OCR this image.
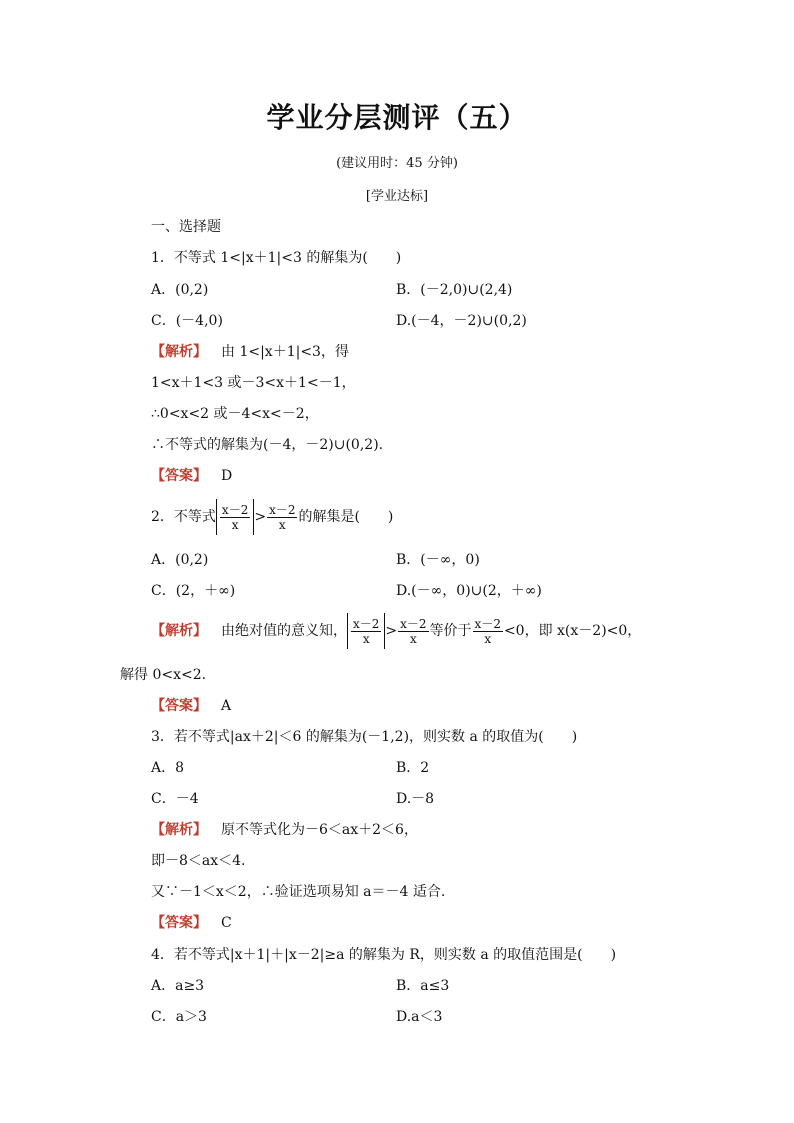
学业分层测评（五）
(建议用时：45 分钟)
[学业达标]
一、选择题
1．不等式 1<|x＋1|<3 的解集为(　　)
A．(0,2)	B．(－2,0)∪(2,4)
C．(－4,0)	D.(－4，－2)∪(0,2)
【解析】 由 1<|x＋1|<3，得
1<x＋1<3 或－3<x＋1<－1，
∴0<x<2 或－4<x<－2，
∴不等式的解集为(－4，－2)∪(0,2).
【答案】 D
2．不等式 $\frac{x-2}{x} > \frac{x-2}{x}$ 的解集是(　　)
A．(0,2)	B．(－∞，0)
C．(2，＋∞)	D.(－∞，0)∪(2，＋∞)
【解析】 由绝对值的意义知， $\frac{x-2}{x} > \frac{x-2}{x}$ 等价于 $\frac{x-2}{x} <0$，即 x(x－2)<0，
解得 0<x<2.
【答案】 A
3．若不等式|ax＋2|＜6 的解集为(－1,2)，则实数 a 的取值为(　　)
A．8	B．2
C．－4	D.－8
【解析】 原不等式化为－6＜ax＋2＜6，
即－8＜ax＜4.
又∵－1＜x＜2，∴验证选项易知 a＝－4 适合.
【答案】 C
4．若不等式|x＋1|＋|x－2|≥a 的解集为 R，则实数 a 的取值范围是(　　)
A．a≥3	B．a≤3
C．a＞3	D.a＜3
